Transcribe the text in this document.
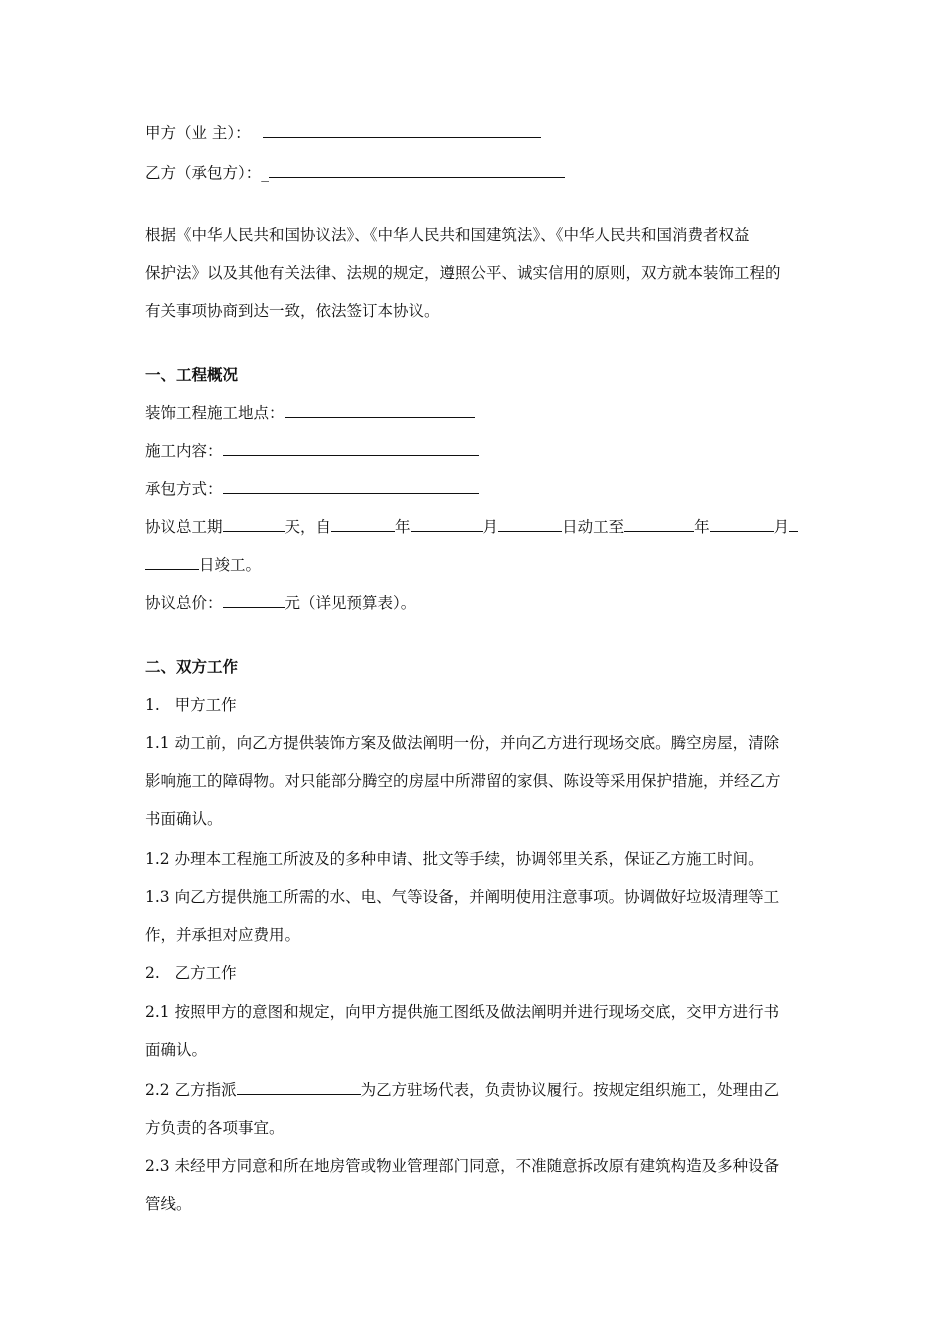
甲方（业 主）：
乙方（承包方）：_
根据《中华人民共和国协议法》、《中华人民共和国建筑法》、《中华人民共和国消费者权益
保护法》以及其他有关法律、法规的规定，遵照公平、诚实信用的原则，双方就本装饰工程的
有关事项协商到达一致，依法签订本协议。
一、工程概况
装饰工程施工地点：
施工内容：
承包方式：
协议总工期	天，自	年	月	日动工至	年	月
日竣工。
协议总价：	元（详见预算表）。
二、双方工作
1.   甲方工作
1.1 动工前，向乙方提供装饰方案及做法阐明一份，并向乙方进行现场交底。腾空房屋，清除
影响施工的障碍物。对只能部分腾空的房屋中所滞留的家俱、陈设等采用保护措施，并经乙方
书面确认。
1.2 办理本工程施工所波及的多种申请、批文等手续，协调邻里关系，保证乙方施工时间。
1.3 向乙方提供施工所需的水、电、气等设备，并阐明使用注意事项。协调做好垃圾清理等工
作，并承担对应费用。
2.   乙方工作
2.1 按照甲方的意图和规定，向甲方提供施工图纸及做法阐明并进行现场交底，交甲方进行书
面确认。
2.2 乙方指派	为乙方驻场代表，负责协议履行。按规定组织施工，处理由乙
方负责的各项事宜。
2.3 未经甲方同意和所在地房管或物业管理部门同意，不准随意拆改原有建筑构造及多种设备
管线。
